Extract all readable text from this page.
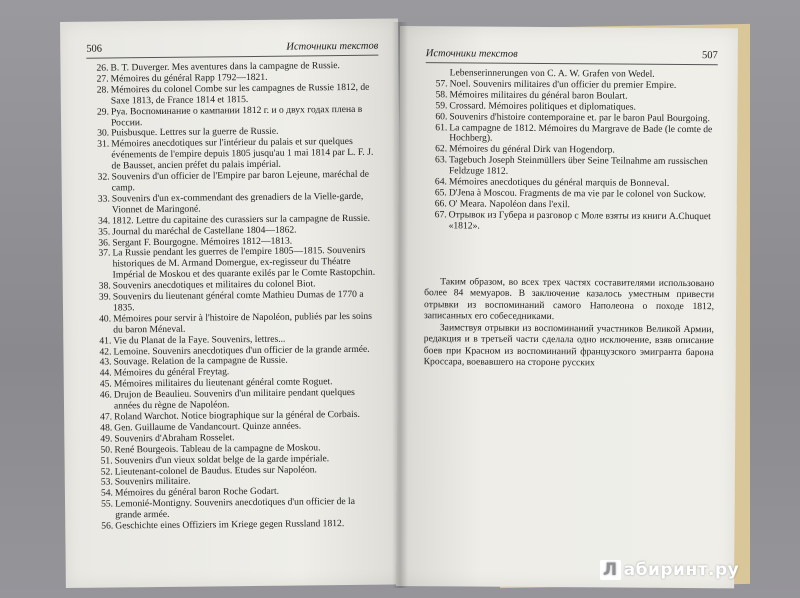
506	Источники текстов
26. B. T. Duverger. Mes aventures dans la campagne de Russie.
27. Mémoires du général Rapp 1792—1821.
28. Mémoires du colonel Combe sur les campagnes de Russie 1812, de Saxe 1813, de France 1814 et 1815.
29. Руа. Воспоминание о кампании 1812 г. и о двух годах плена в России.
30. Puisbusque. Lettres sur la guerre de Russie.
31. Mémoires anecdotiques sur l'intérieur du palais et sur quelques événements de l'empire depuis 1805 jusqu'au 1 mai 1814 par L. F. J. de Bausset, ancien préfet du palais impérial.
32. Souvenirs d'un officier de l'Empire par baron Lejeune, maréchal de camp.
33. Souvenirs d'un ex-commendant des grenadiers de la Vielle-garde, Vionnet de Maringoné.
34. 1812. Lettre du capitaine des curassiers sur la campagne de Russie.
35. Journal du maréchal de Castellane 1804—1862.
36. Sergant F. Bourgogne. Mémoires 1812—1813.
37. La Russie pendant les guerres de l'empire 1805—1815. Souvenirs historiques de M. Armand Domergue, ex-regisseur du Théatre Impérial de Moskou et des quarante exilés par le Comte Rastopchin.
38. Souvenirs anecdotiques et militaires du colonel Biot.
39. Souvenirs du lieutenant général comte Mathieu Dumas de 1770 a 1835.
40. Mémoires pour servir à l'histoire de Napoléon, publiés par les soins du baron Méneval.
41. Vie du Planat de la Faye. Souvenirs, lettres...
42. Lemoine. Souvenirs anecdotiques d'un officier de la grande armée.
43. Souvage. Relation de la campagne de Russie.
44. Mémoires du général Freytag.
45. Mémoires militaires du lieutenant général comte Roguet.
46. Drujon de Beaulieu. Souvenirs d'un militaire pendant quelques années du règne de Napoléon.
47. Roland Warchot. Notice biographique sur la général de Corbais.
48. Gen. Guillaume de Vandancourt. Quinze années.
49. Souvenirs d'Abraham Rosselet.
50. René Bourgeois. Tableau de la campagne de Moskou.
51. Souvenirs d'un vieux soldat belge de la garde impériale.
52. Lieutenant-colonel de Baudus. Etudes sur Napoléon.
53. Souvenirs militaire.
54. Mémoires du général baron Roche Godart.
55. Lemonié-Montigny. Souvenirs anecdotiques d'un officier de la grande armée.
56. Geschichte eines Offiziers im Kriege gegen Russland 1812.
Источники текстов	507
Lebenserinnerungen von C. A. W. Grafen von Wedel.
57. Noel. Souvenirs militaires d'un officier du premier Empire.
58. Mémoires militaires du général baron Boulart.
59. Crossard. Mémoires politiques et diplomatiques.
60. Souvenirs d'histoire contemporaine et. par le baron Paul Bourgoing.
61. La campagne de 1812. Mémoires du Margrave de Bade (le comte de Hochberg).
62. Mémoires du général Dirk van Hogendorp.
63. Tagebuch Joseph Steinmüllers über Seine Teilnahme am russischen Feldzuge 1812.
64. Mémoires anecdotiques du général marquis de Bonneval.
65. D'Jena à Moscou. Fragments de ma vie par le colonel von Suckow.
66. O' Meara. Napoléon dans l'exil.
67. Отрывок из Губера и разговор с Моле взяты из книги A.Chuquet «1812».

Таким образом, во всех трех частях составителями использовано более 84 мемуаров. В заключение казалось уместным привести отрывки из воспоминаний самого Наполеона о походе 1812, записанных его собеседниками.

Заимствуя отрывки из воспоминаний участников Великой Армии, редакция и в третьей части сделала одно исключение, взяв описание боев при Красном из воспоминаний французского эмигранта барона Кроссара, воевавшего на стороне русских

Л абиринт.ру
